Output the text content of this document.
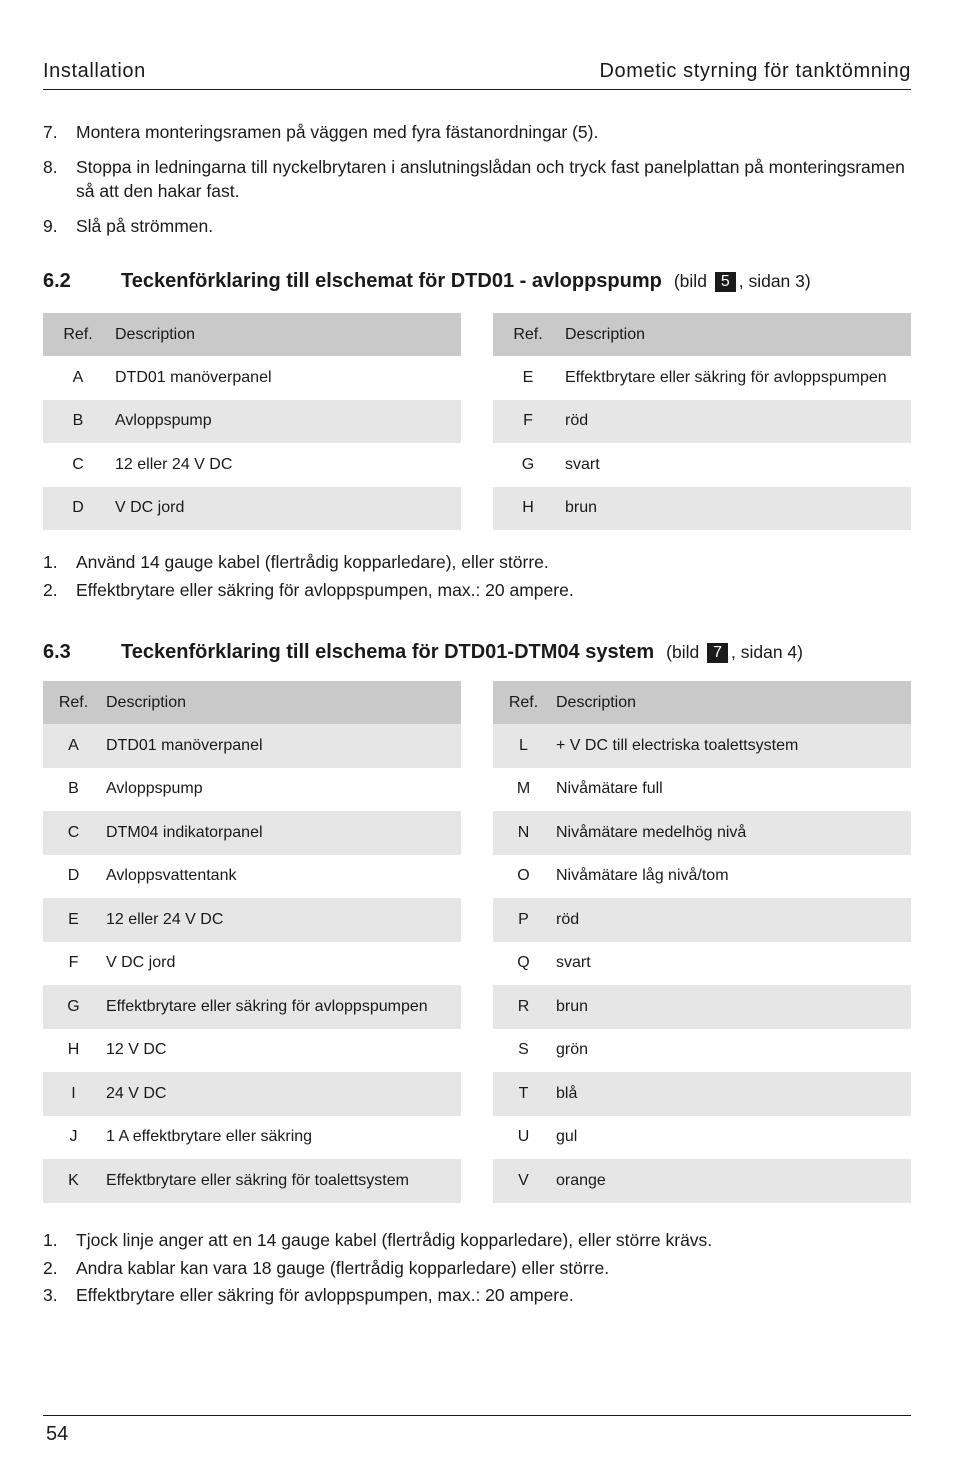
Installation	Dometic styrning för tanktömning
7.	Montera monteringsramen på väggen med fyra fästanordningar (5).
8.	Stoppa in ledningarna till nyckelbrytaren i anslutningslådan och tryck fast panelplattan på monteringsramen så att den hakar fast.
9.	Slå på strömmen.
6.2	Teckenförklaring till elschemat för DTD01 - avloppspump (bild 5 , sidan 3)
Ref.	Description
A	DTD01 manöverpanel
B	Avloppspump
C	12 eller 24 V DC
D	V DC jord
Ref.	Description
E	Effektbrytare eller säkring för avloppspumpen
F	röd
G	svart
H	brun
1.	Använd 14 gauge kabel (flertrådig kopparledare), eller större.
2.	Effektbrytare eller säkring för avloppspumpen, max.: 20 ampere.
6.3	Teckenförklaring till elschema för DTD01-DTM04 system (bild 7 , sidan 4)
Ref.	Description
A	DTD01 manöverpanel
B	Avloppspump
C	DTM04 indikatorpanel
D	Avloppsvattentank
E	12 eller 24 V DC
F	V DC jord
G	Effektbrytare eller säkring för avloppspumpen
H	12 V DC
I	24 V DC
J	1 A effektbrytare eller säkring
K	Effektbrytare eller säkring för toalettsystem
Ref.	Description
L	+ V DC till electriska toalettsystem
M	Nivåmätare full
N	Nivåmätare medelhög nivå
O	Nivåmätare låg nivå/tom
P	röd
Q	svart
R	brun
S	grön
T	blå
U	gul
V	orange
1.	Tjock linje anger att en 14 gauge kabel (flertrådig kopparledare), eller större krävs.
2.	Andra kablar kan vara 18 gauge (flertrådig kopparledare) eller större.
3.	Effektbrytare eller säkring för avloppspumpen, max.: 20 ampere.
54
